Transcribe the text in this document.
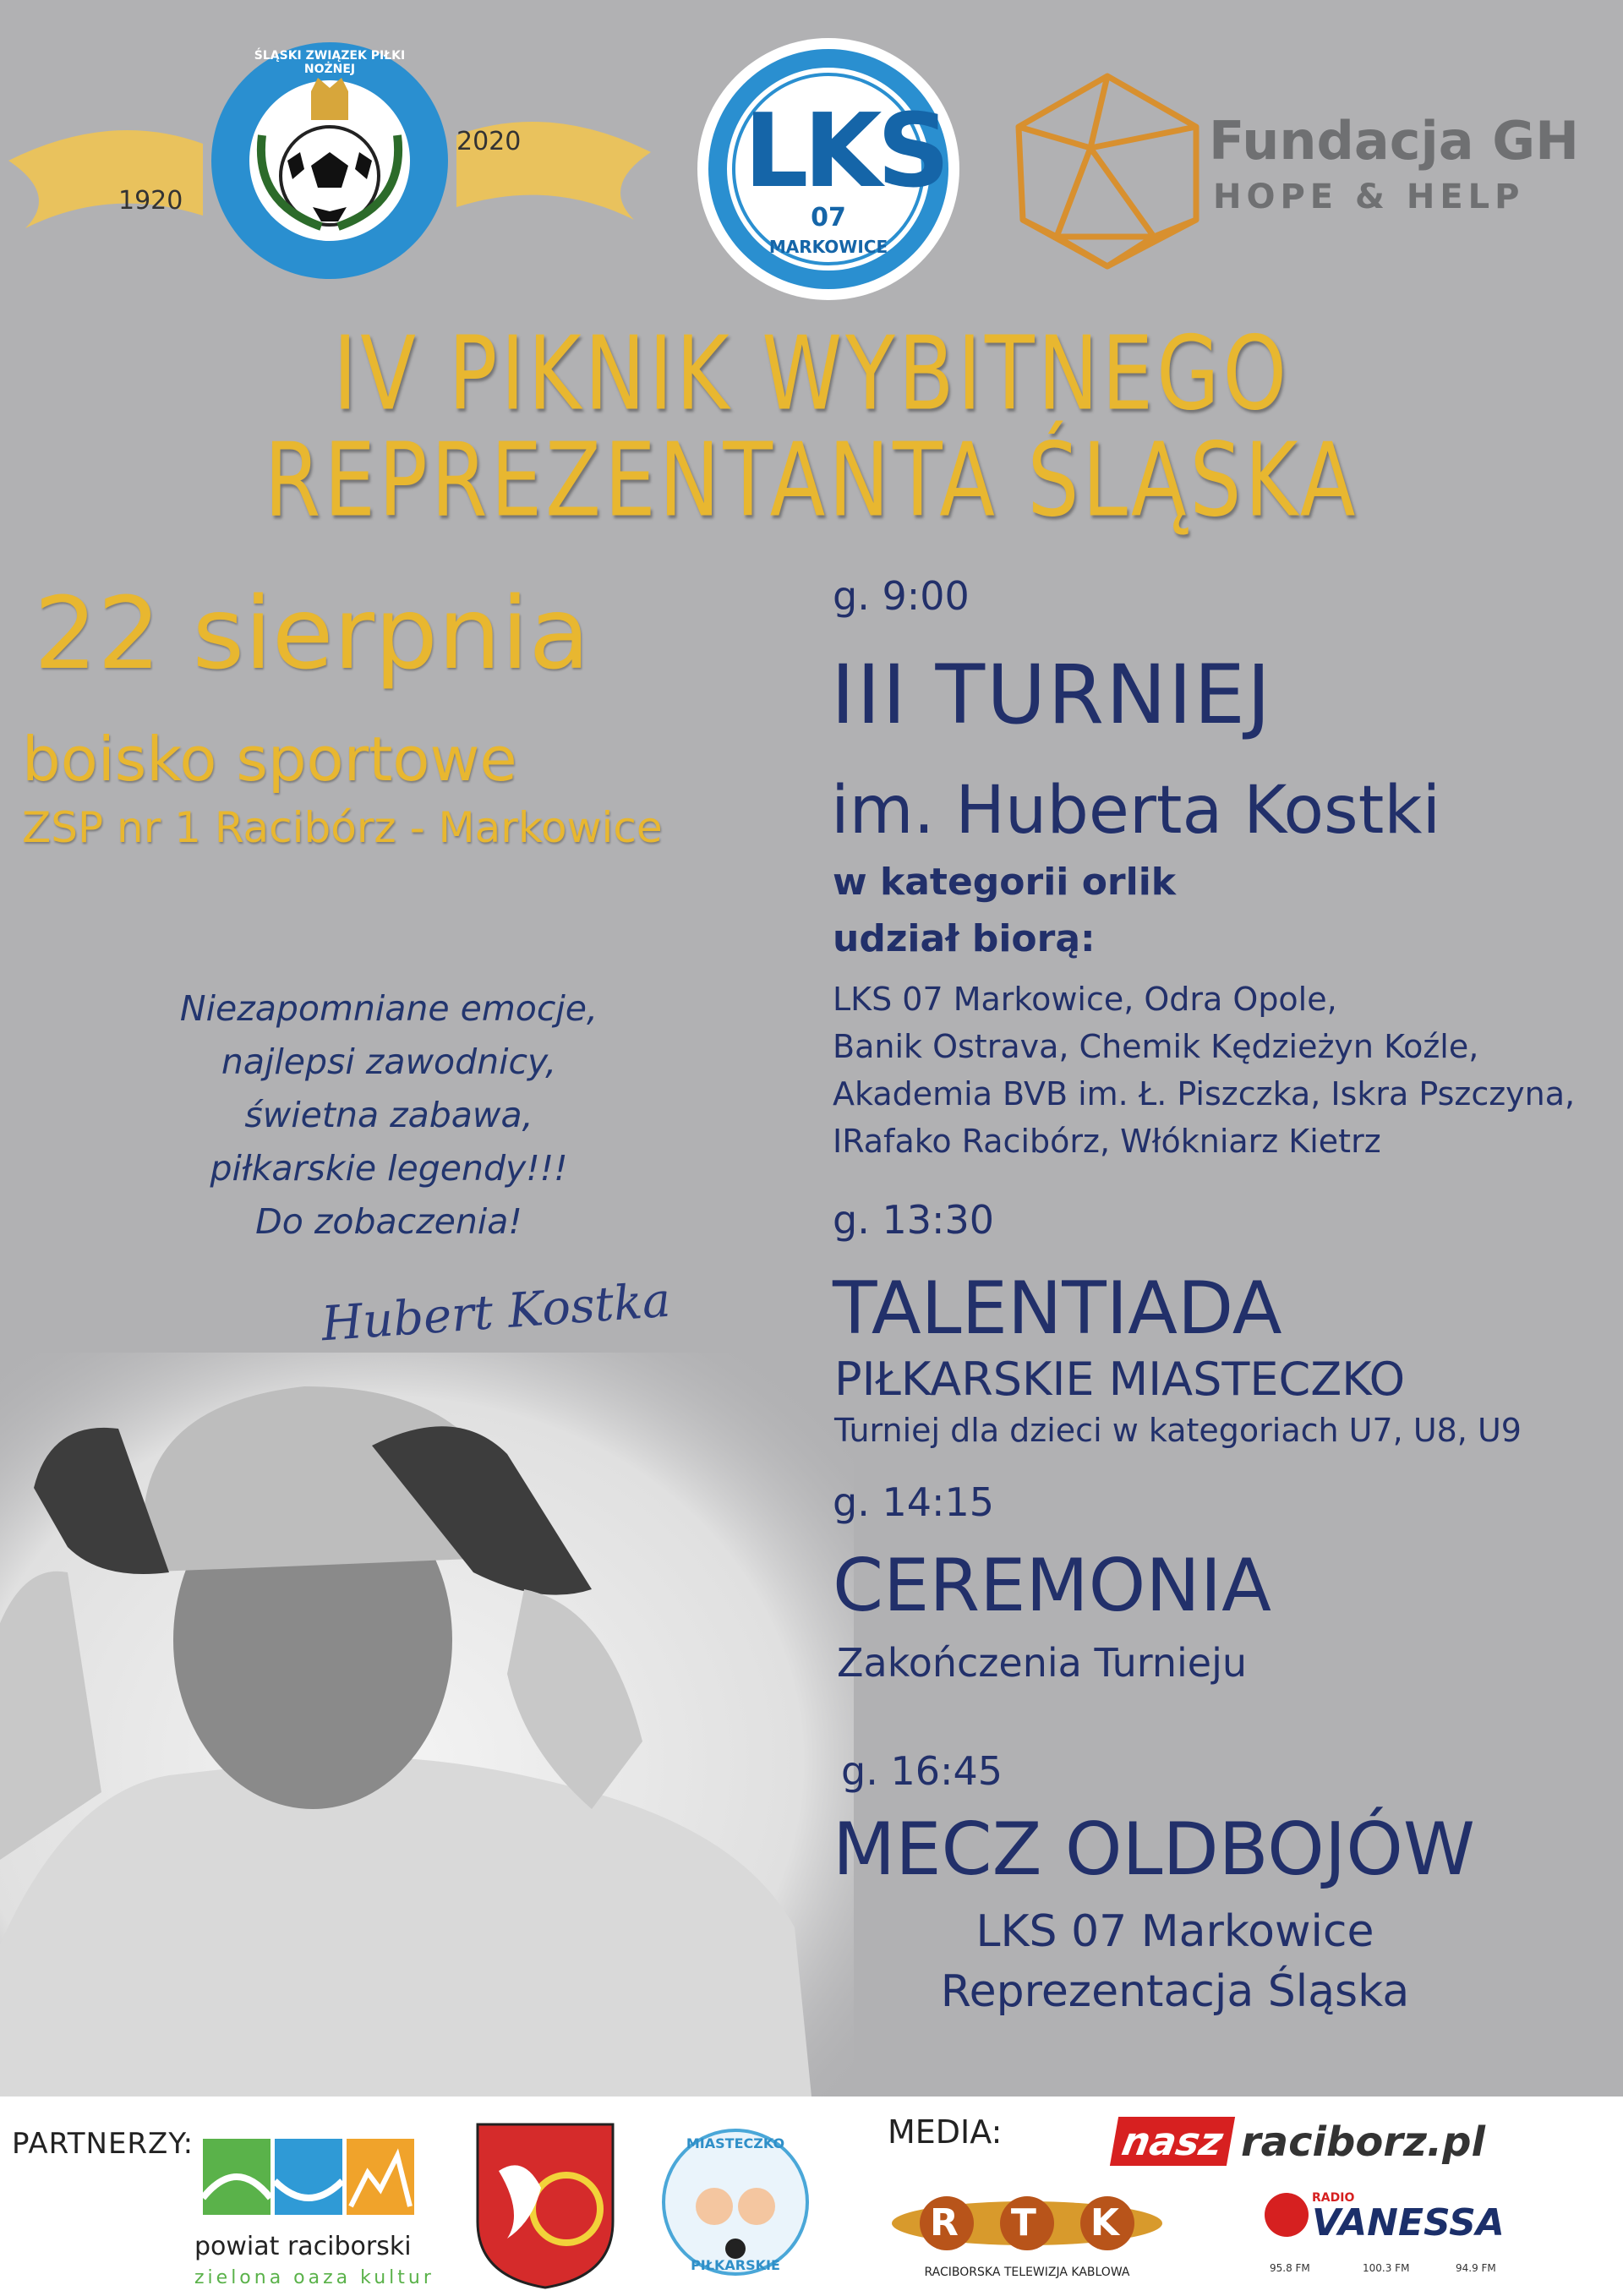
1920
2020
ŚLĄSKI ZWIĄZEK PIŁKI NOŻNEJ
LKS
07
MARKOWICE
Fundacja GH
HOPE & HELP
IV PIKNIK WYBITNEGO
REPREZENTANTA ŚLĄSKA
22 sierpnia
boisko sportowe
ZSP nr 1 Racibórz - Markowice
Niezapomniane emocje,
najlepsi zawodnicy,
świetna zabawa,
piłkarskie legendy!!!
Do zobaczenia!
Hubert Kostka
g. 9:00
III TURNIEJ
im. Huberta Kostki
w kategorii orlik
udział biorą:
LKS 07 Markowice, Odra Opole,
Banik Ostrava, Chemik Kędzieżyn Koźle,
Akademia BVB im. Ł. Piszczka, Iskra Pszczyna,
IRafako Racibórz, Włókniarz Kietrz
g. 13:30
TALENTIADA
PIŁKARSKIE MIASTECZKO
Turniej dla dzieci w kategoriach U7, U8, U9
g. 14:15
CEREMONIA
Zakończenia Turnieju
g. 16:45
MECZ OLDBOJÓW
LKS 07 Markowice
Reprezentacja Śląska
PARTNERZY:
powiat raciborski
zielona oaza kultur
MIASTECZKO
PIŁKARSKIE
MEDIA:	nasz raciborz.pl
RTK
RACIBORSKA TELEWIZJA KABLOWA
RADIO
VANESSA
95.8 FM	100.3 FM	94.9 FM
